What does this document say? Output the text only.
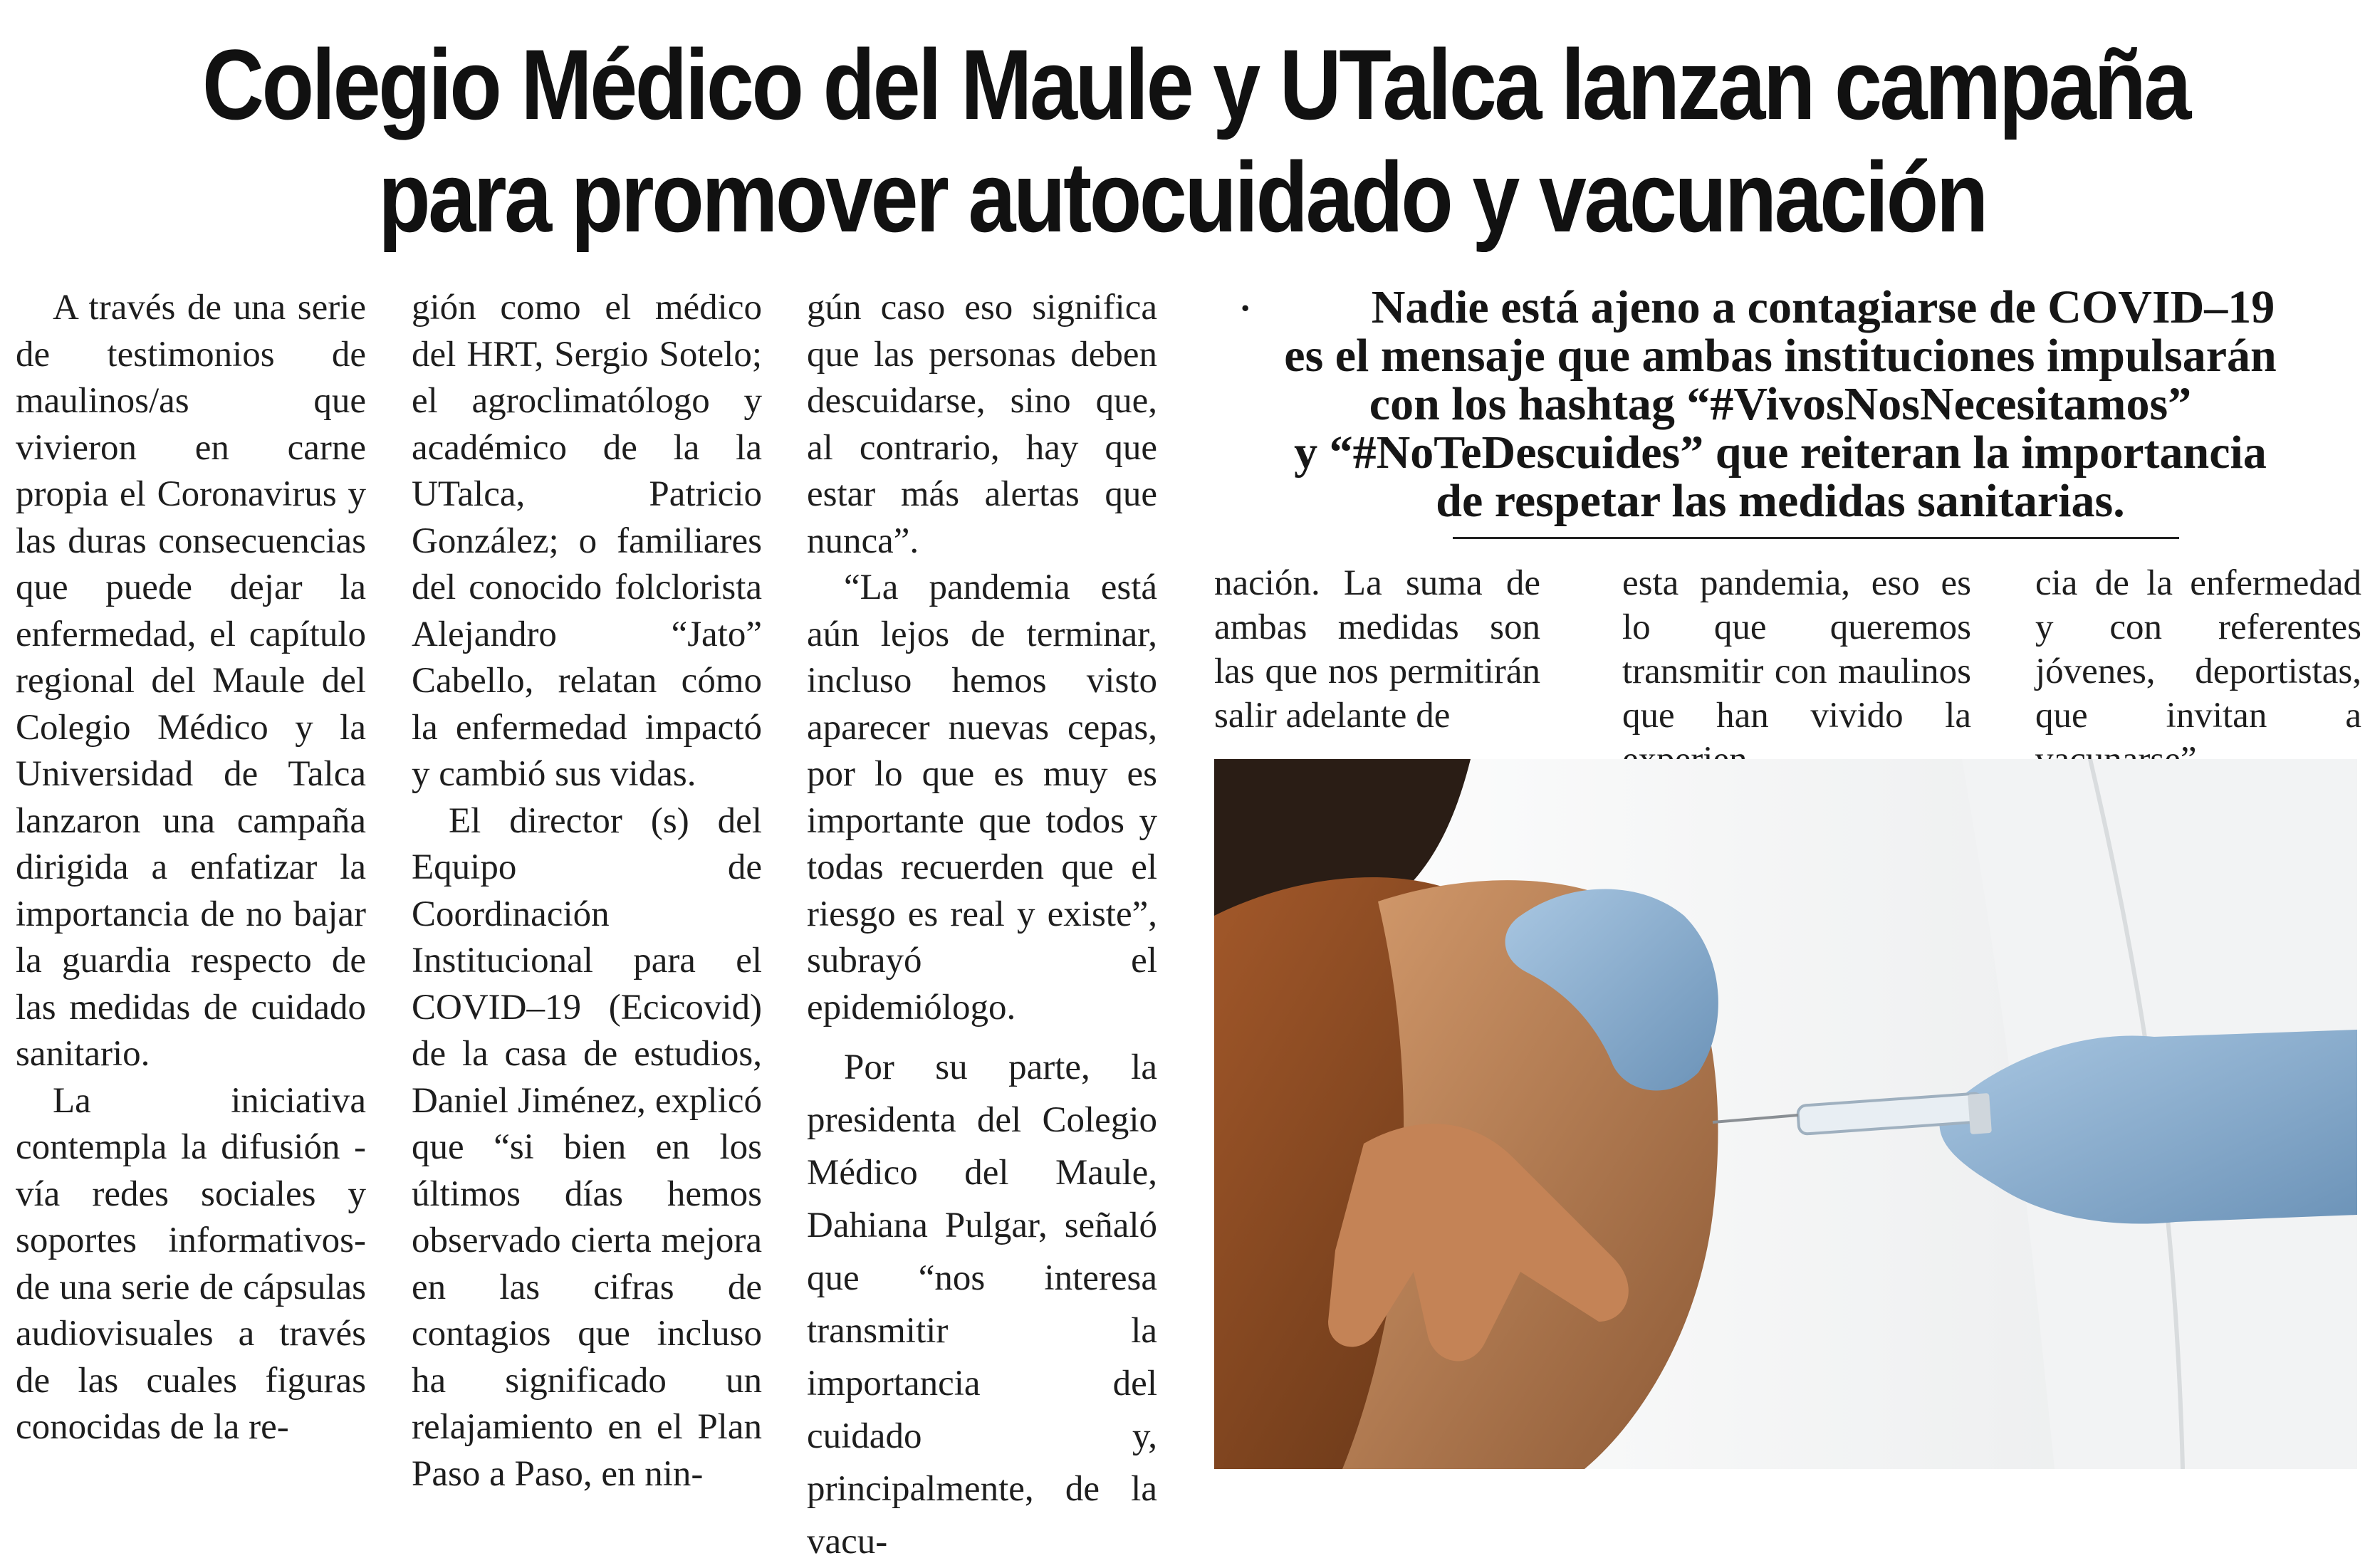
Colegio Médico del Maule y UTalca lanzan campaña
para promover autocuidado y vacunación

A través de una serie de testimonios de maulinos/as que vivieron en carne propia el Coronavirus y las duras consecuencias que puede dejar la enfermedad, el capítulo regional del Maule del Colegio Médico y la Universidad de Talca lanzaron una campaña dirigida a enfatizar la importancia de no bajar la guardia respecto de las medidas de cuidado sanitario.

La iniciativa contempla la difusión -vía redes sociales y soportes informativos- de una serie de cápsulas audiovisuales a través de las cuales figuras conocidas de la re-

gión como el médico del HRT, Sergio Sotelo; el agroclimatólogo y académico de la la UTalca, Patricio González; o familiares del conocido folclorista Alejandro “Jato” Cabello, relatan cómo la enfermedad impactó y cambió sus vidas.

El director (s) del Equipo de Coordinación Institucional para el COVID–19 (Ecicovid) de la casa de estudios, Daniel Jiménez, explicó que “si bien en los últimos días hemos observado cierta mejora en las cifras de contagios que incluso ha significado un relajamiento en el Plan Paso a Paso, en nin-

gún caso eso significa que las personas deben descuidarse, sino que, al contrario, hay que estar más alertas que nunca”.

“La pandemia está aún lejos de terminar, incluso hemos visto aparecer nuevas cepas, por lo que es muy es importante que todos y todas recuerden que el riesgo es real y existe”, subrayó el epidemiólogo.

Por su parte, la presidenta del Colegio Médico del Maule, Dahiana Pulgar, señaló que “nos interesa transmitir la importancia del cuidado y, principalmente, de la vacu-

·	Nadie está ajeno a contagiarse de COVID–19
es el mensaje que ambas instituciones impulsarán
con los hashtag “#VivosNosNecesitamos”
y “#NoTeDescuides” que reiteran la importancia
de respetar las medidas sanitarias.

nación. La suma de ambas medidas son las que nos permitirán salir adelante de

esta pandemia, eso es lo que queremos transmitir con maulinos que han vivido la

cia de la enfermedad y con referentes jóvenes, deportistas, que invitan a
